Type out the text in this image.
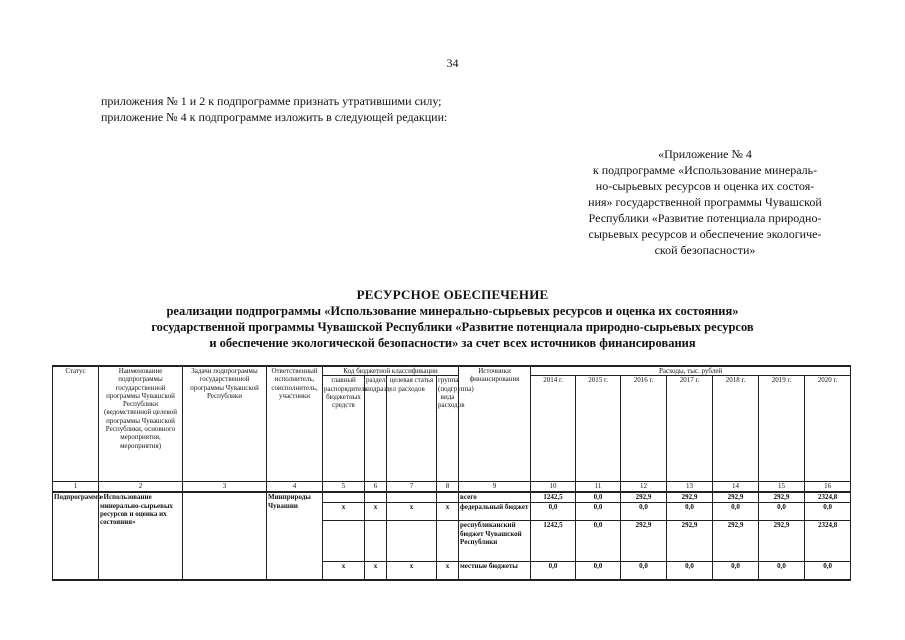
34
приложения № 1 и 2 к подпрограмме признать утратившими силу;
приложение № 4 к подпрограмме изложить в следующей редакции:
«Приложение № 4
к подпрограмме «Использование минераль-
но-сырьевых ресурсов и оценка их состоя-
ния» государственной программы Чувашской
Республики «Развитие потенциала природно-
сырьевых ресурсов и обеспечение экологиче-
ской безопасности»
РЕСУРСНОЕ ОБЕСПЕЧЕНИЕ
реализации подпрограммы «Использование минерально-сырьевых ресурсов и оценка их состояния»
государственной программы Чувашской Республики «Развитие потенциала природно-сырьевых ресурсов
и обеспечение экологической безопасности» за счет всех источников финансирования
Статус	Наименование подпрограммы государственной программы Чувашской Республики (ведомственной целевой программы Чувашской Республики, основного мероприятия, мероприятия)	Задачи подпрограммы государственной программы Чувашской Республики	Ответственный исполнитель, соисполнитель, участники	Код бюджетной классификации				Источники финансирования	Расходы, тыс. рублей						
				главный распорядитель бюджетных средств	раздел, подраздел	целевая статья расходов	группа (подгруппа) вида расходов		2014 г.	2015 г.	2016 г.	2017 г.	2018 г.	2019 г.	2020 г.
1	2	3	4	5	6	7	8	9	10	11	12	13	14	15	16
Подпрограмма	«Использование минерально-сырьевых ресурсов и оценка их состояния»		Минприроды Чувашии					всего	1242,5	0,0	292,9	292,9	292,9	292,9	2324,8
				x	x	x	x	федеральный бюджет	0,0	0,0	0,0	0,0	0,0	0,0	0,0
								республиканский бюджет Чувашской Республики	1242,5	0,0	292,9	292,9	292,9	292,9	2324,8
				x	x	x	x	местные бюджеты	0,0	0,0	0,0	0,0	0,0	0,0	0,0
